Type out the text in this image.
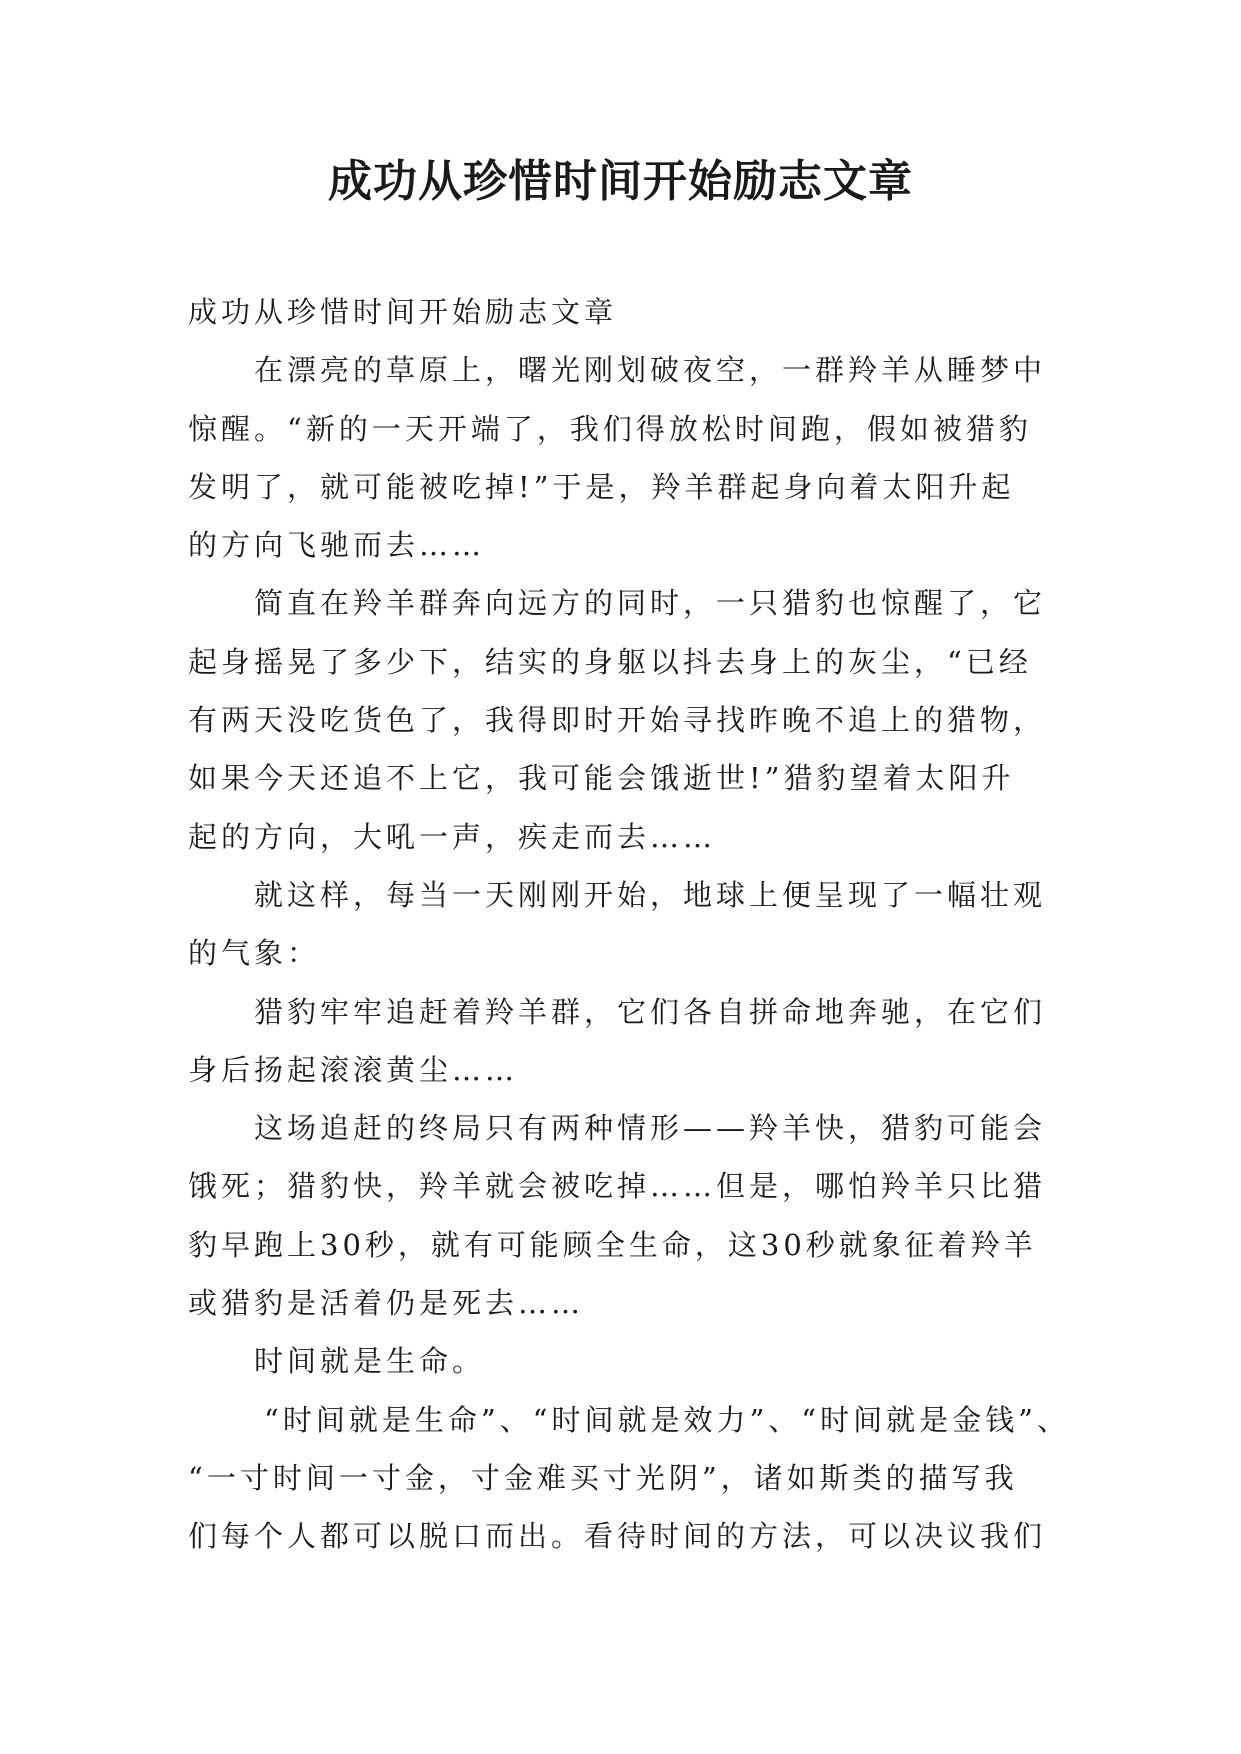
成功从珍惜时间开始励志文章

成功从珍惜时间开始励志文章

在漂亮的草原上，曙光刚划破夜空，一群羚羊从睡梦中

惊醒。“新的一天开端了，我们得放松时间跑，假如被猎豹

发明了，就可能被吃掉!”于是，羚羊群起身向着太阳升起

的方向飞驰而去……

简直在羚羊群奔向远方的同时，一只猎豹也惊醒了，它

起身摇晃了多少下，结实的身躯以抖去身上的灰尘，“已经

有两天没吃货色了，我得即时开始寻找昨晚不追上的猎物，

如果今天还追不上它，我可能会饿逝世!”猎豹望着太阳升

起的方向，大吼一声，疾走而去……

就这样，每当一天刚刚开始，地球上便呈现了一幅壮观

的气象：

猎豹牢牢追赶着羚羊群，它们各自拼命地奔驰，在它们

身后扬起滚滚黄尘……

这场追赶的终局只有两种情形——羚羊快，猎豹可能会

饿死；猎豹快，羚羊就会被吃掉……但是，哪怕羚羊只比猎

豹早跑上30秒，就有可能顾全生命，这30秒就象征着羚羊

或猎豹是活着仍是死去……

时间就是生命。

“时间就是生命”、“时间就是效力”、“时间就是金钱”、

“一寸时间一寸金，寸金难买寸光阴”，诸如斯类的描写我

们每个人都可以脱口而出。看待时间的方法，可以决议我们
